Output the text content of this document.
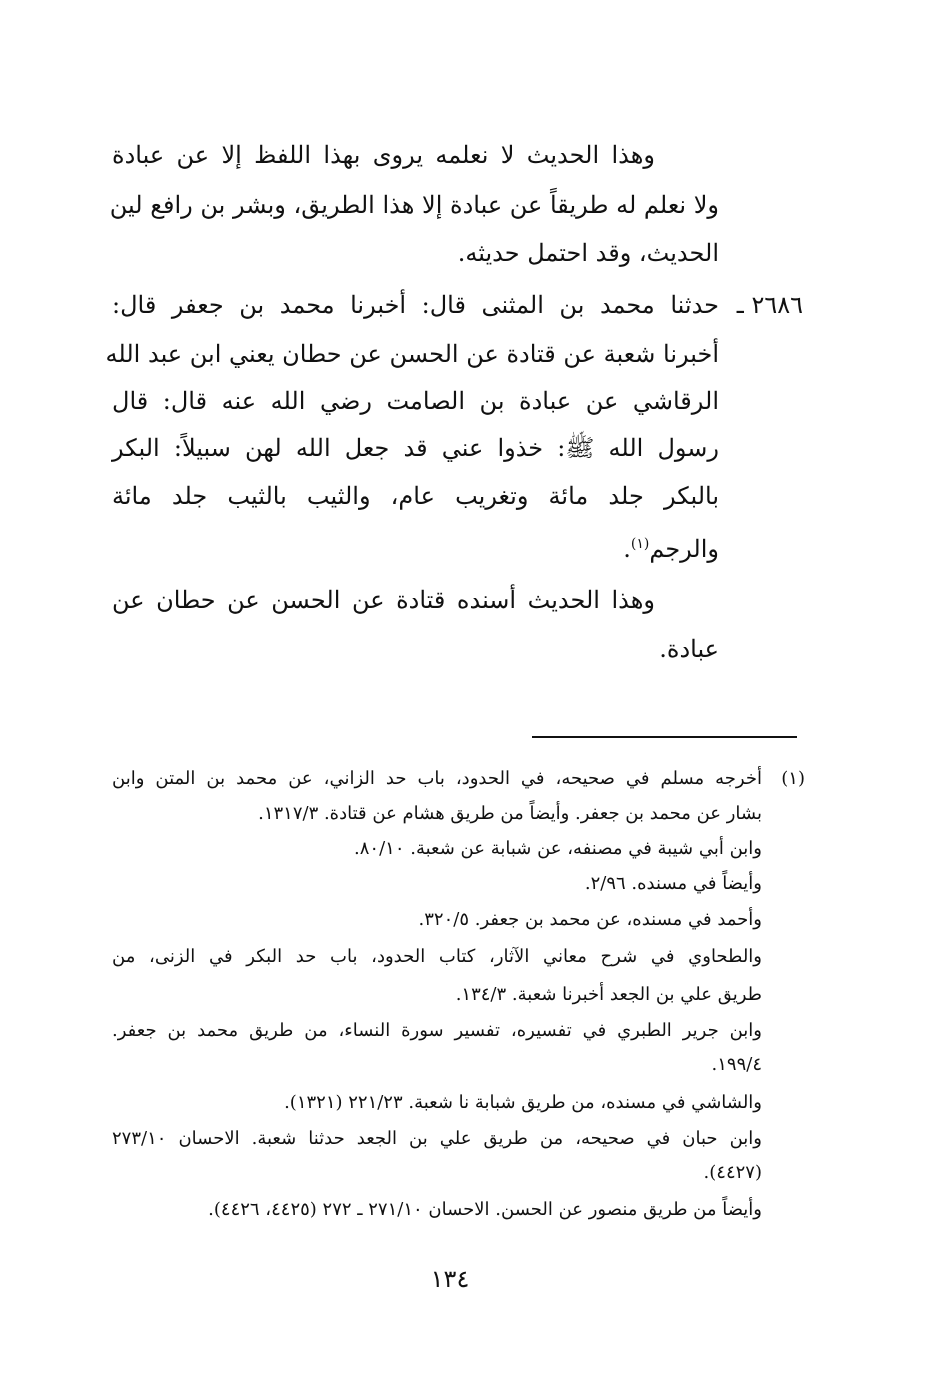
وهذا الحديث لا نعلمه يروى بهذا اللفظ إلا عن عبادة

ولا نعلم له طريقاً عن عبادة إلا هذا الطريق، وبشر بن رافع لين

الحديث، وقد احتمل حديثه.

٢٦٨٦ ـ

حدثنا محمد بن المثنى قال: أخبرنا محمد بن جعفر قال:

أخبرنا شعبة عن قتادة عن الحسن عن حطان يعني ابن عبد الله

الرقاشي عن عبادة بن الصامت رضي الله عنه قال: قال

رسول الله ﷺ: خذوا عني قد جعل الله لهن سبيلاً: البكر

بالبكر جلد مائة وتغريب عام، والثيب بالثيب جلد مائة

والرجم$^{(١)}$.

وهذا الحديث أسنده قتادة عن الحسن عن حطان عن

عبادة.

(١)

أخرجه مسلم في صحيحه، في الحدود، باب حد الزاني، عن محمد بن المتن وابن

بشار عن محمد بن جعفر. وأيضاً من طريق هشام عن قتادة. ١٣١٧/٣.

وابن أبي شيبة في مصنفه، عن شبابة عن شعبة. ٨٠/١٠.

وأيضاً في مسنده. ٢/٩٦.

وأحمد في مسنده، عن محمد بن جعفر. ٣٢٠/٥.

والطحاوي في شرح معاني الآثار، كتاب الحدود، باب حد البكر في الزنى، من

طريق علي بن الجعد أخبرنا شعبة. ١٣٤/٣.

وابن جرير الطبري في تفسيره، تفسير سورة النساء، من طريق محمد بن جعفر.

١٩٩/٤.

والشاشي في مسنده، من طريق شبابة نا شعبة. ٢٢١/٢٣ (١٣٢١).

وابن حبان في صحيحه، من طريق علي بن الجعد حدثنا شعبة. الاحسان ٢٧٣/١٠

(٤٤٢٧).

وأيضاً من طريق منصور عن الحسن. الاحسان ٢٧١/١٠ ـ ٢٧٢ (٤٤٢٥، ٤٤٢٦).

١٣٤
